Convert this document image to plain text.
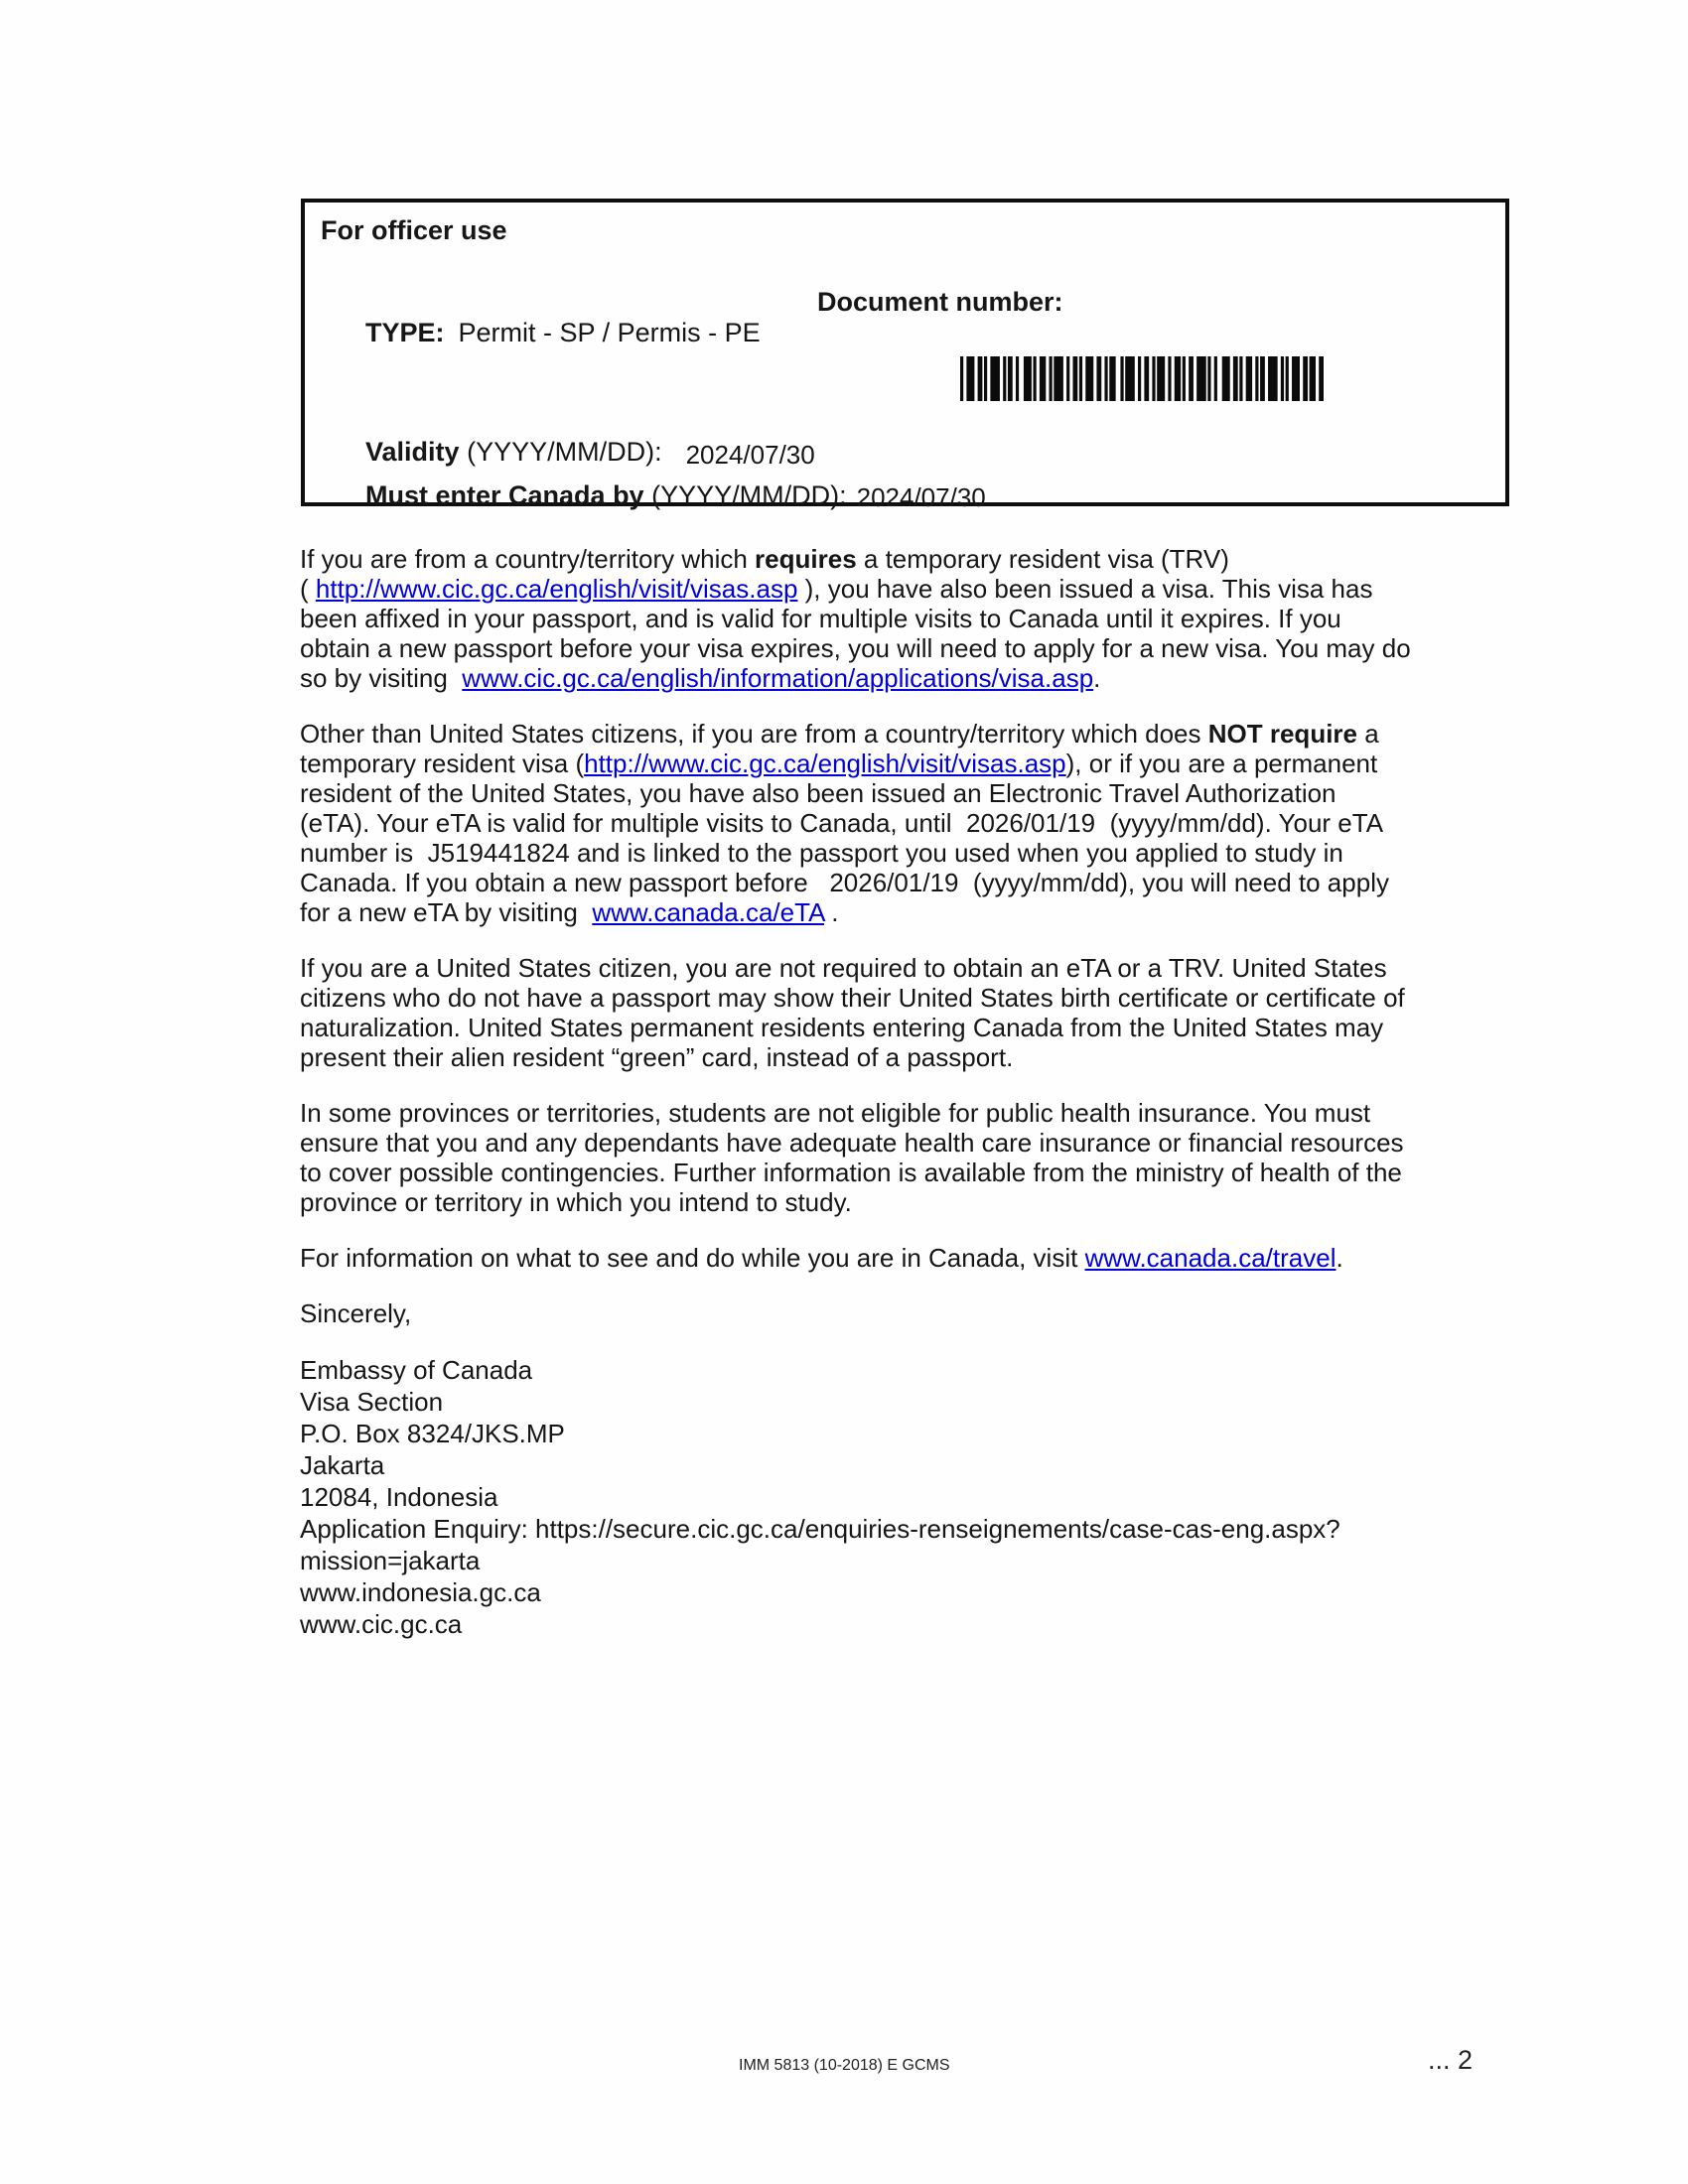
For officer use

TYPE: Permit - SP / Permis - PE

Document number:

Validity (YYYY/MM/DD): 2024/07/30

Must enter Canada by (YYYY/MM/DD): 2024/07/30

If you are from a country/territory which requires a temporary resident visa (TRV)
( http://www.cic.gc.ca/english/visit/visas.asp ), you have also been issued a visa. This visa has
been affixed in your passport, and is valid for multiple visits to Canada until it expires. If you
obtain a new passport before your visa expires, you will need to apply for a new visa. You may do
so by visiting  www.cic.gc.ca/english/information/applications/visa.asp.
Other than United States citizens, if you are from a country/territory which does NOT require a
temporary resident visa (http://www.cic.gc.ca/english/visit/visas.asp), or if you are a permanent
resident of the United States, you have also been issued an Electronic Travel Authorization
(eTA). Your eTA is valid for multiple visits to Canada, until  2026/01/19  (yyyy/mm/dd). Your eTA
number is  J519441824 and is linked to the passport you used when you applied to study in
Canada. If you obtain a new passport before   2026/01/19  (yyyy/mm/dd), you will need to apply
for a new eTA by visiting  www.canada.ca/eTA .
If you are a United States citizen, you are not required to obtain an eTA or a TRV. United States
citizens who do not have a passport may show their United States birth certificate or certificate of
naturalization. United States permanent residents entering Canada from the United States may
present their alien resident “green” card, instead of a passport.
In some provinces or territories, students are not eligible for public health insurance. You must
ensure that you and any dependants have adequate health care insurance or financial resources
to cover possible contingencies. Further information is available from the ministry of health of the
province or territory in which you intend to study.
For information on what to see and do while you are in Canada, visit www.canada.ca/travel.
Sincerely,
Embassy of Canada
Visa Section
P.O. Box 8324/JKS.MP
Jakarta
12084, Indonesia
Application Enquiry: https://secure.cic.gc.ca/enquiries-renseignements/case-cas-eng.aspx?
mission=jakarta
www.indonesia.gc.ca
www.cic.gc.ca
IMM 5813 (10-2018) E GCMS	... 2
